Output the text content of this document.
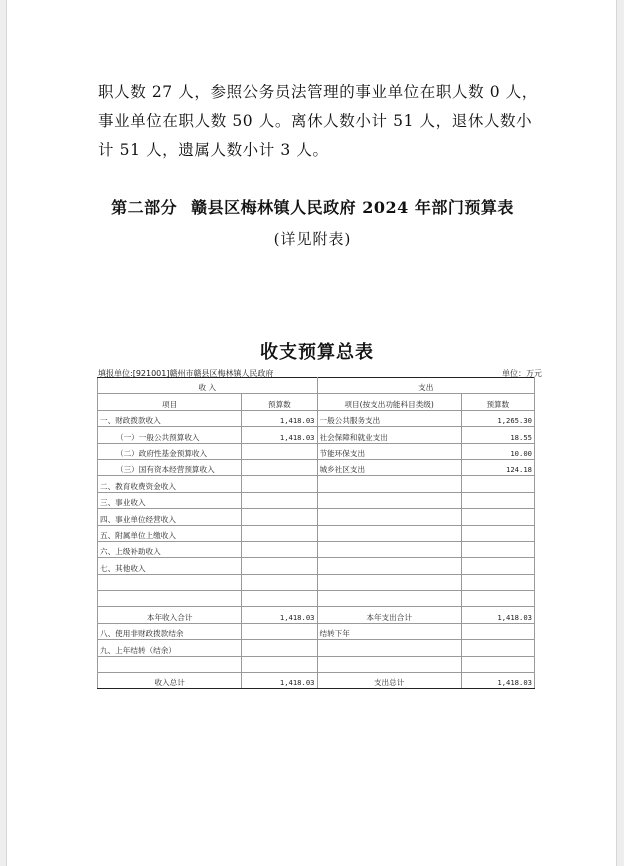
职人数 27 人，参照公务员法管理的事业单位在职人数 0 人，
事业单位在职人数 50 人。离休人数小计 51 人，退休人数小
计 51 人，遗属人数小计 3 人。
第二部分 赣县区梅林镇人民政府 2024 年部门预算表
(详见附表)
收支预算总表
填报单位:[921001]赣州市赣县区梅林镇人民政府	单位：万元
收 入		支出	
项目	预算数	项目(按支出功能科目类级)	预算数
一、财政拨款收入	1,418.03	一般公共服务支出	1,265.30
（一）一般公共预算收入	1,418.03	社会保障和就业支出	18.55
（二）政府性基金预算收入		节能环保支出	10.00
（三）国有资本经营预算收入		城乡社区支出	124.18
二、教育收费资金收入			
三、事业收入			
四、事业单位经营收入			
五、附属单位上缴收入			
六、上级补助收入			
七、其他收入			

本年收入合计	1,418.03	本年支出合计	1,418.03
八、使用非财政拨款结余		结转下年	
九、上年结转（结余）			

收入总计	1,418.03	支出总计	1,418.03
